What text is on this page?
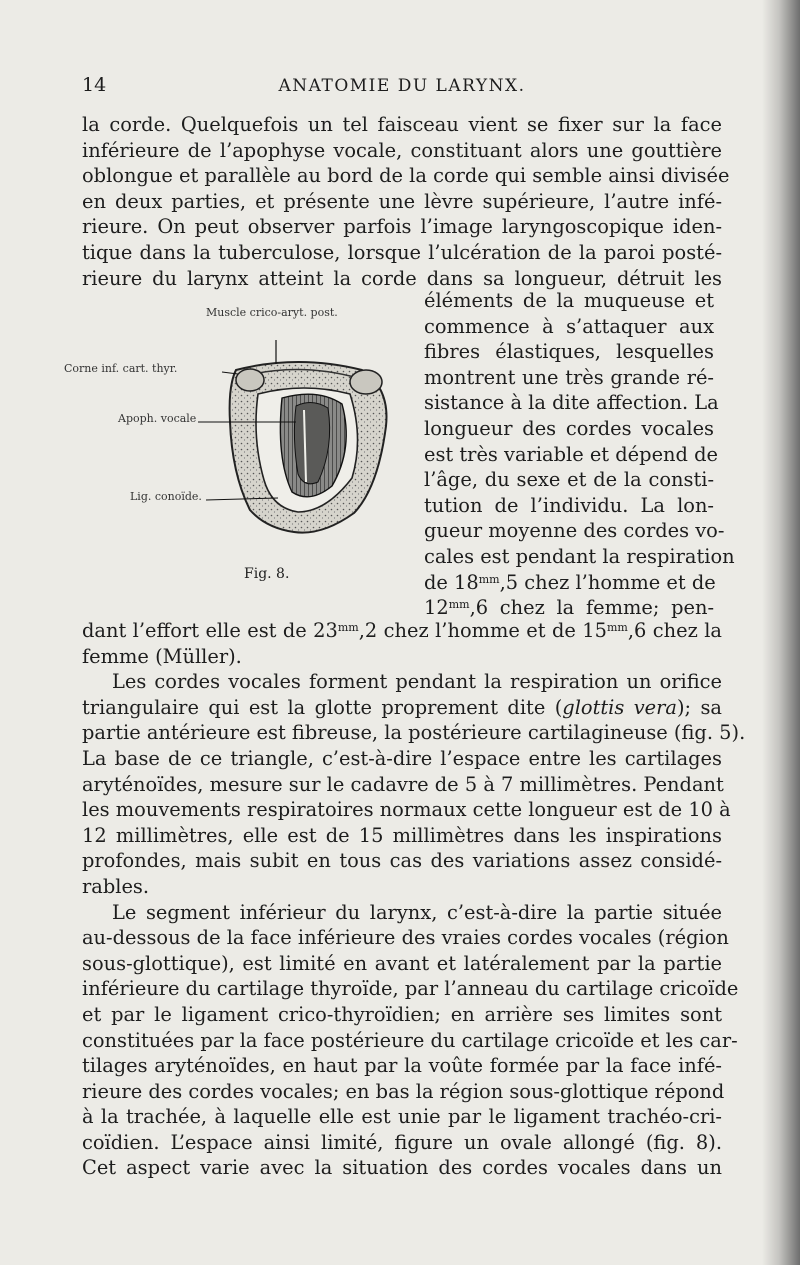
14	ANATOMIE DU LARYNX.
la corde. Quelquefois un tel faisceau vient se fixer sur la face
inférieure de l’apophyse vocale, constituant alors une gouttière
oblongue et parallèle au bord de la corde qui semble ainsi divisée
en deux parties, et présente une lèvre supérieure, l’autre infé-
rieure. On peut observer parfois l’image laryngoscopique iden-
tique dans la tuberculose, lorsque l’ulcération de la paroi posté-
rieure du larynx atteint la corde dans sa longueur, détruit les
Muscle crico-aryt. post.
Corne inf. cart. thyr.
Apoph. vocale
Lig. conoïde.
Fig. 8.
éléments de la muqueuse et
commence à s’attaquer aux
fibres élastiques, lesquelles
montrent une très grande ré-
sistance à la dite affection. La
longueur des cordes vocales
est très variable et dépend de
l’âge, du sexe et de la consti-
tution de l’individu. La lon-
gueur moyenne des cordes vo-
cales est pendant la respiration
de $18^{mm},5$ chez l’homme et de
$12^{mm},6$ chez la femme; pen-
dant l’effort elle est de $23^{mm},2$ chez l’homme et de $15^{mm},6$ chez la
femme (Müller).
Les cordes vocales forment pendant la respiration un orifice
triangulaire qui est la glotte proprement dite (glottis vera); sa
partie antérieure est fibreuse, la postérieure cartilagineuse (fig. 5).
La base de ce triangle, c’est-à-dire l’espace entre les cartilages
aryténoïdes, mesure sur le cadavre de 5 à 7 millimètres. Pendant
les mouvements respiratoires normaux cette longueur est de 10 à
12 millimètres, elle est de 15 millimètres dans les inspirations
profondes, mais subit en tous cas des variations assez considé-
rables.
Le segment inférieur du larynx, c’est-à-dire la partie située
au-dessous de la face inférieure des vraies cordes vocales (région
sous-glottique), est limité en avant et latéralement par la partie
inférieure du cartilage thyroïde, par l’anneau du cartilage cricoïde
et par le ligament crico-thyroïdien; en arrière ses limites sont
constituées par la face postérieure du cartilage cricoïde et les car-
tilages aryténoïdes, en haut par la voûte formée par la face infé-
rieure des cordes vocales; en bas la région sous-glottique répond
à la trachée, à laquelle elle est unie par le ligament trachéo-cri-
coïdien. L’espace ainsi limité, figure un ovale allongé (fig. 8).
Cet aspect varie avec la situation des cordes vocales dans un
